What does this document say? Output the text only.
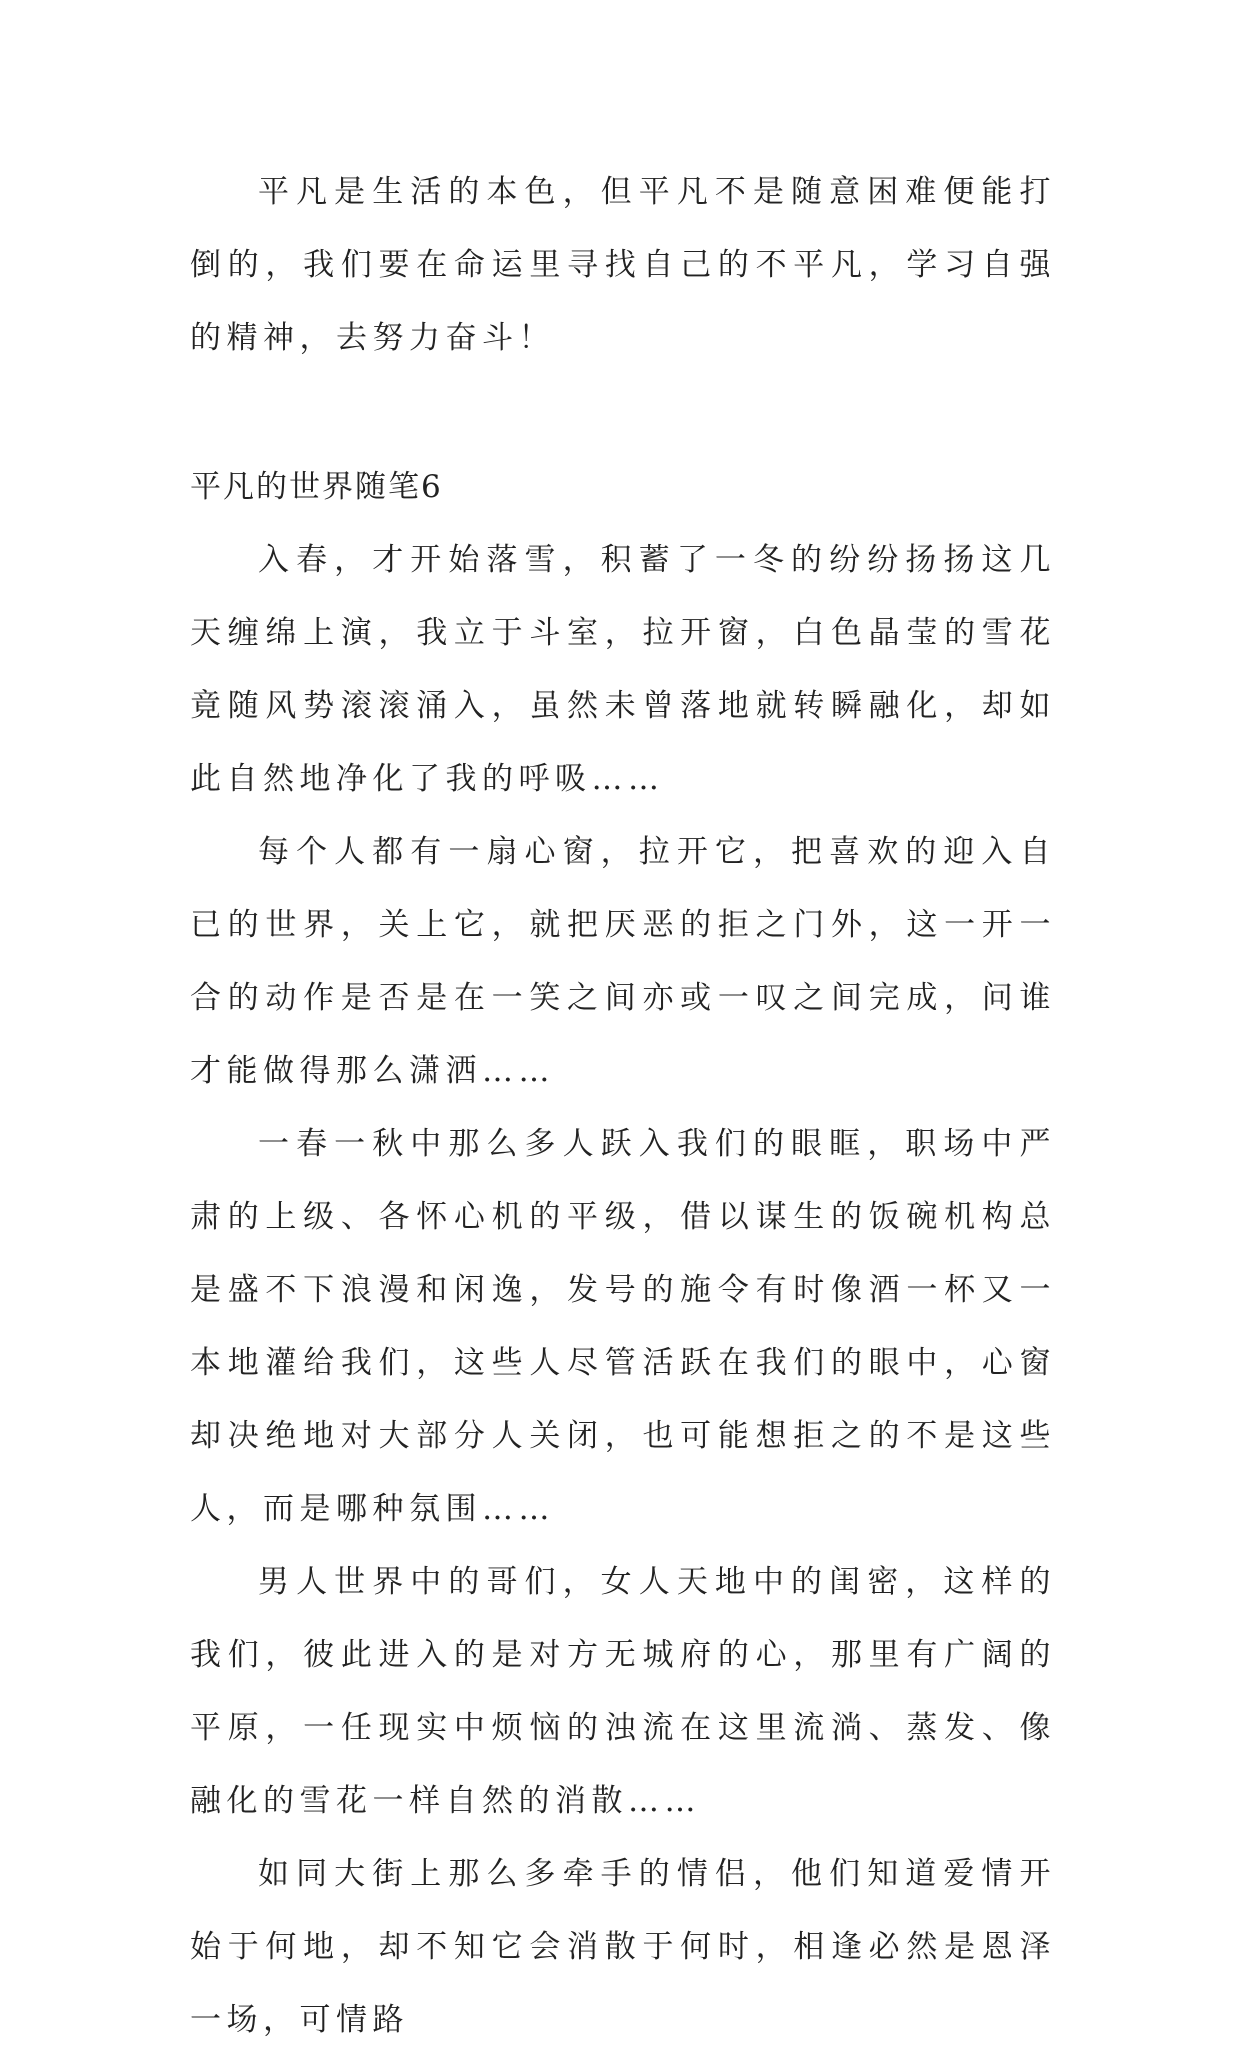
平凡是生活的本色，但平凡不是随意困难便能打倒的，我们要在命运里寻找自己的不平凡，学习自强的精神，去努力奋斗！

平凡的世界随笔6

入春，才开始落雪，积蓄了一冬的纷纷扬扬这几天缠绵上演，我立于斗室，拉开窗，白色晶莹的雪花竟随风势滚滚涌入，虽然未曾落地就转瞬融化，却如此自然地净化了我的呼吸……

每个人都有一扇心窗，拉开它，把喜欢的迎入自已的世界，关上它，就把厌恶的拒之门外，这一开一合的动作是否是在一笑之间亦或一叹之间完成，问谁才能做得那么潇洒……

一春一秋中那么多人跃入我们的眼眶，职场中严肃的上级、各怀心机的平级，借以谋生的饭碗机构总是盛不下浪漫和闲逸，发号的施令有时像酒一杯又一本地灌给我们，这些人尽管活跃在我们的眼中，心窗却决绝地对大部分人关闭，也可能想拒之的不是这些人，而是哪种氛围……

男人世界中的哥们，女人天地中的闺密，这样的我们，彼此进入的是对方无城府的心，那里有广阔的平原，一任现实中烦恼的浊流在这里流淌、蒸发、像融化的雪花一样自然的消散……

如同大街上那么多牵手的情侣，他们知道爱情开始于何地，却不知它会消散于何时，相逢必然是恩泽一场，可情路
